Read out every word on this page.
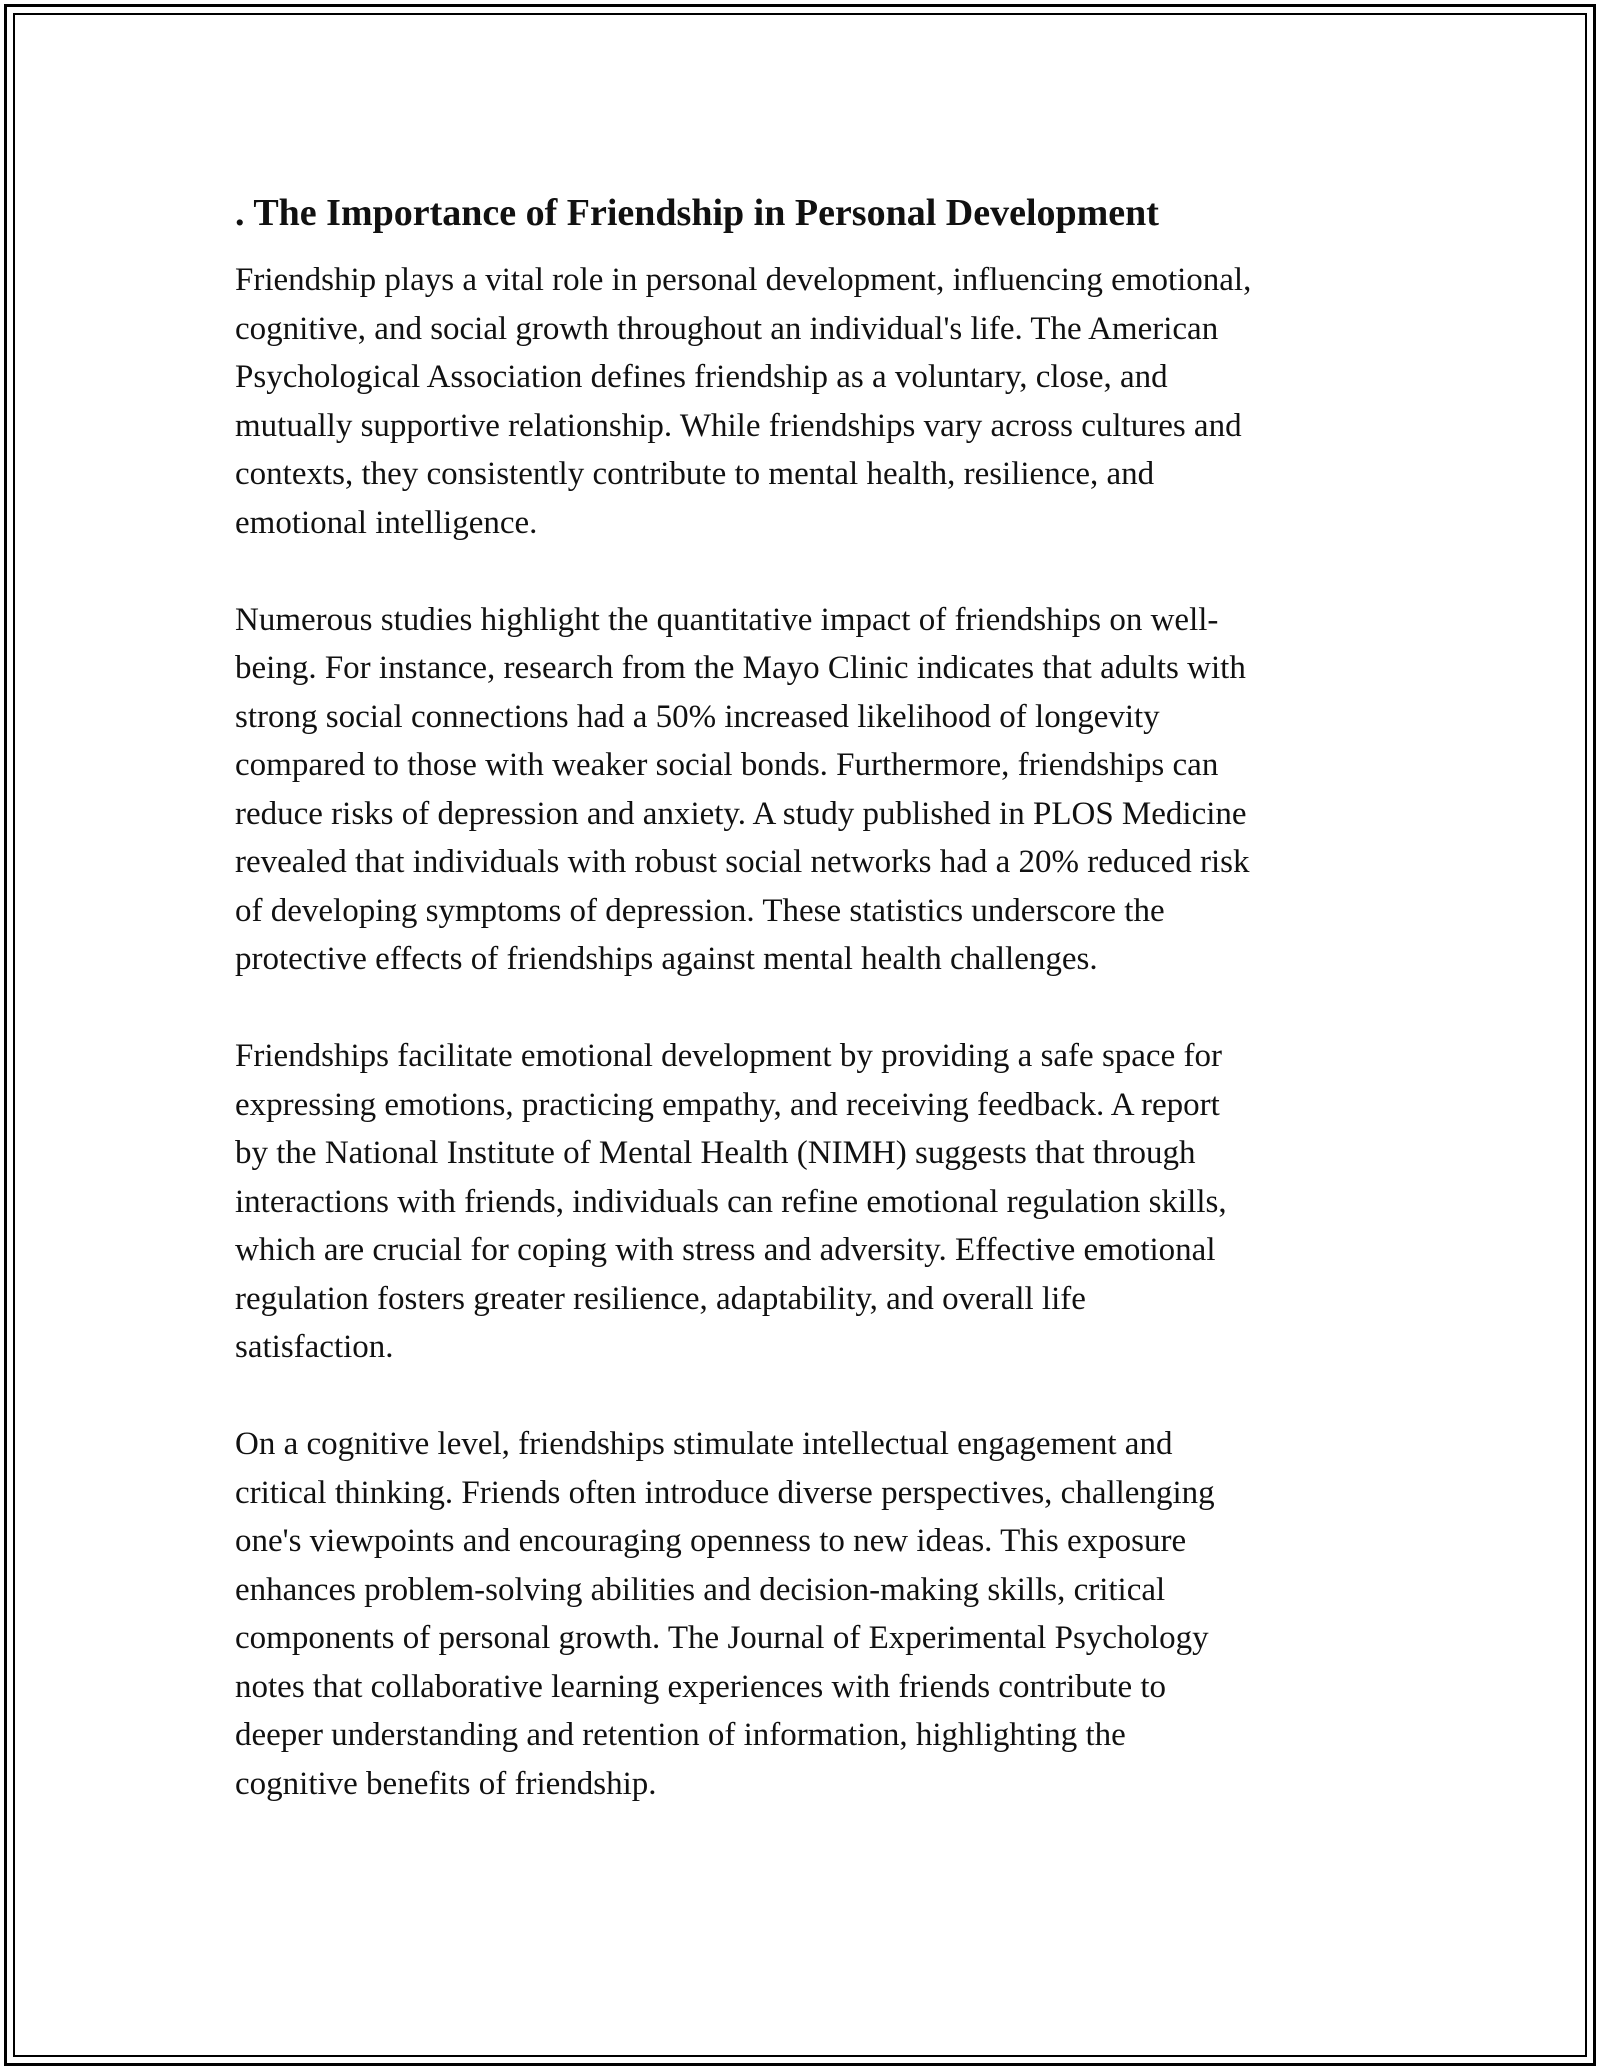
. The Importance of Friendship in Personal Development

Friendship plays a vital role in personal development, influencing emotional,
cognitive, and social growth throughout an individual's life. The American
Psychological Association defines friendship as a voluntary, close, and
mutually supportive relationship. While friendships vary across cultures and
contexts, they consistently contribute to mental health, resilience, and
emotional intelligence.

Numerous studies highlight the quantitative impact of friendships on well-
being. For instance, research from the Mayo Clinic indicates that adults with
strong social connections had a 50% increased likelihood of longevity
compared to those with weaker social bonds. Furthermore, friendships can
reduce risks of depression and anxiety. A study published in PLOS Medicine
revealed that individuals with robust social networks had a 20% reduced risk
of developing symptoms of depression. These statistics underscore the
protective effects of friendships against mental health challenges.

Friendships facilitate emotional development by providing a safe space for
expressing emotions, practicing empathy, and receiving feedback. A report
by the National Institute of Mental Health (NIMH) suggests that through
interactions with friends, individuals can refine emotional regulation skills,
which are crucial for coping with stress and adversity. Effective emotional
regulation fosters greater resilience, adaptability, and overall life
satisfaction.

On a cognitive level, friendships stimulate intellectual engagement and
critical thinking. Friends often introduce diverse perspectives, challenging
one's viewpoints and encouraging openness to new ideas. This exposure
enhances problem-solving abilities and decision-making skills, critical
components of personal growth. The Journal of Experimental Psychology
notes that collaborative learning experiences with friends contribute to
deeper understanding and retention of information, highlighting the
cognitive benefits of friendship.
